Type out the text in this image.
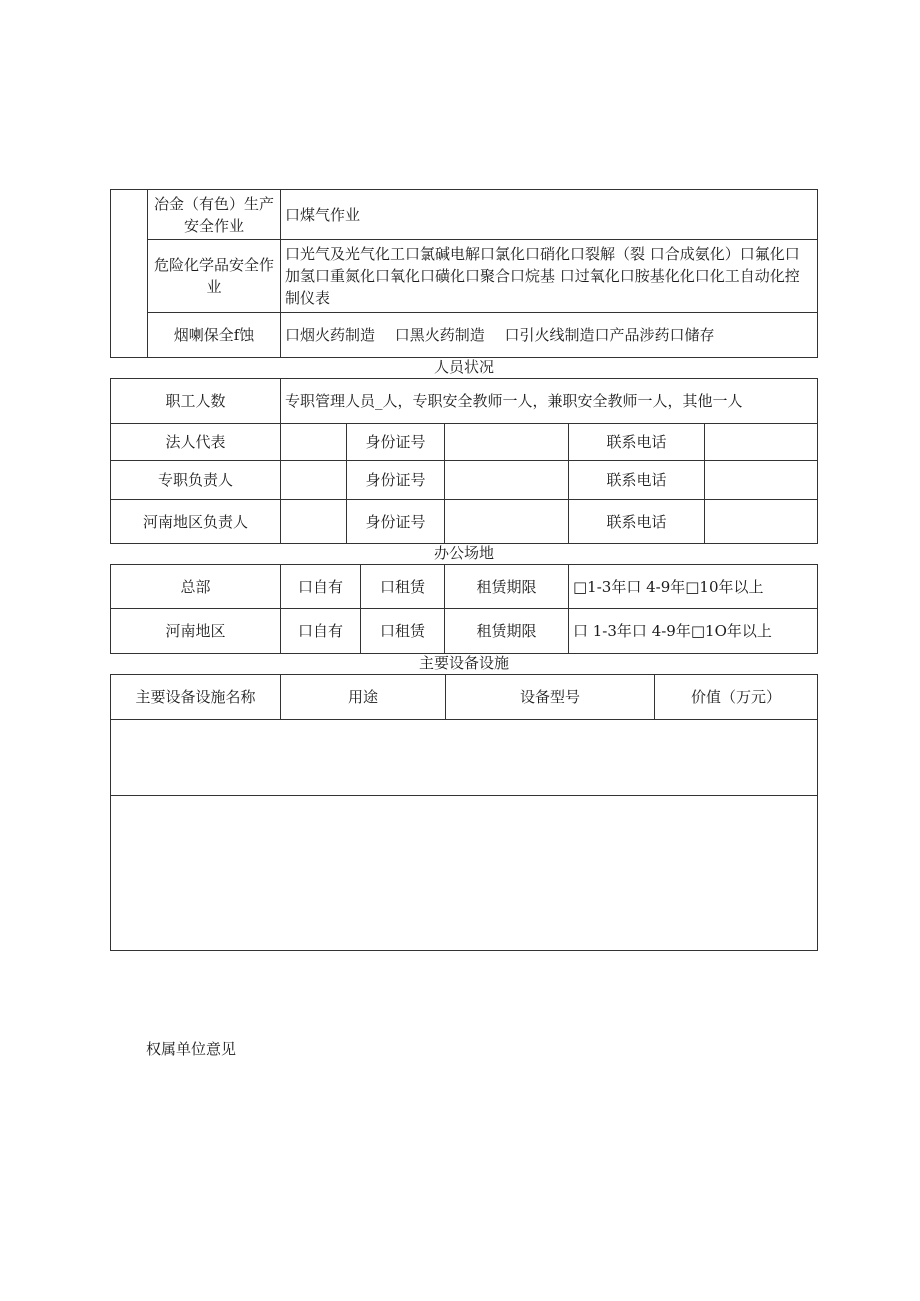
	冶金（有色）生产安全作业	口煤气作业
	危险化学品安全作业	口光气及光气化工口氯碱电解口氯化口硝化口裂解（裂 口合成氨化）口氟化口加氢口重氮化口氧化口磺化口聚合口烷基 口过氧化口胺基化化口化工自动化控制仪表
	烟喇保全f蚀	口烟火药制造　 口黑火药制造　 口引火线制造口产品涉药口储存
人员状况
职工人数	专职管理人员_人，专职安全教师一人，兼职安全教师一人，其他一人				
法人代表		身份证号		联系电话	
专职负责人		身份证号		联系电话	
河南地区负责人		身份证号		联系电话	
办公场地
总部	口自有	口租赁	租赁期限	□1-3年口 4-9年□10年以上
河南地区	口自有	口租赁	租赁期限	口 1-3年口 4-9年□1O年以上
主要设备设施
主要设备设施名称	用途	设备型号	价值（万元）

权属单位意见
